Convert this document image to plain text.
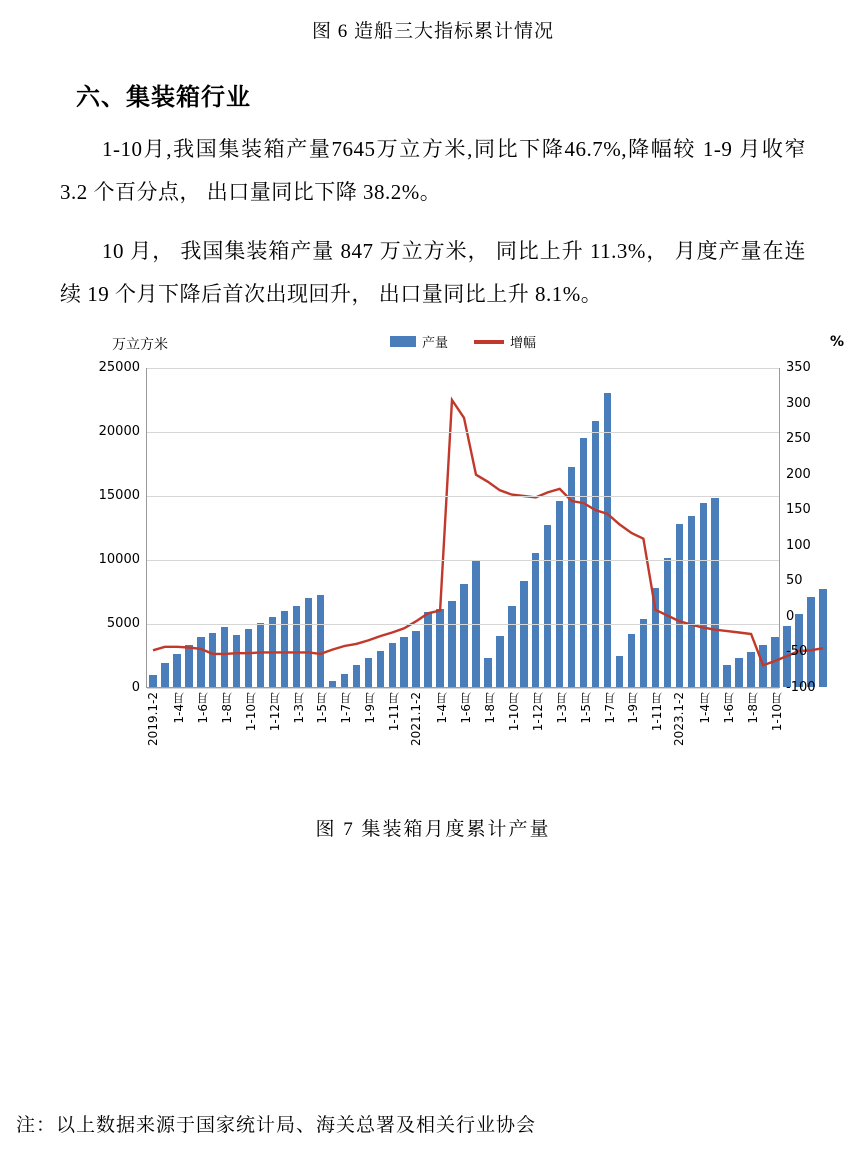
图 6 造船三大指标累计情况
六、集装箱行业
1-10月,我国集装箱产量7645万立方米,同比下降46.7%,降幅较 1-9 月收窄 3.2 个百分点， 出口量同比下降 38.2%。
10 月， 我国集装箱产量 847 万立方米， 同比上升 11.3%， 月度产量在连续 19 个月下降后首次出现回升， 出口量同比上升 8.1%。
万立方米	%
产量	增幅
0
5000
10000
15000
20000
25000
-100
-50
0
50
100
150
200
250
300
350
2019.1-2 1-4月 1-6月 1-8月 1-10月 1-12月 1-3月 1-5月 1-7月 1-9月 1-11月 2021.1-2 1-4月 1-6月 1-8月 1-10月 1-12月 1-3月 1-5月 1-7月 1-9月 1-11月 2023.1-2 1-4月 1-6月 1-8月 1-10月
图 7 集装箱月度累计产量
注：以上数据来源于国家统计局、海关总署及相关行业协会
